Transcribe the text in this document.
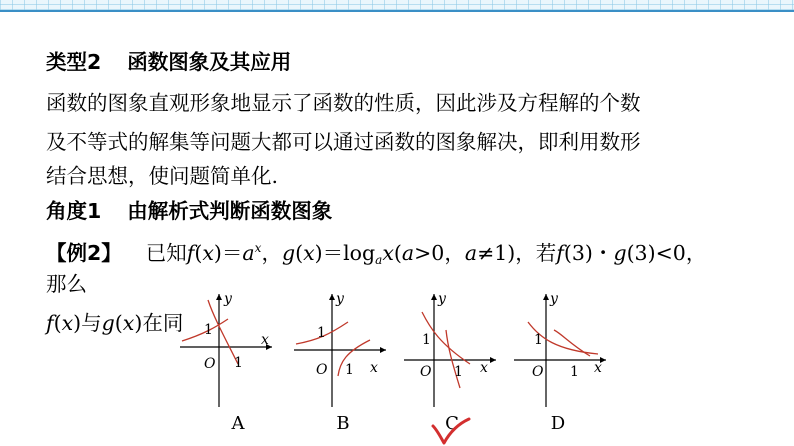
类型2 函数图象及其应用
函数的图象直观形象地显示了函数的性质，因此涉及方程解的个数
及不等式的解集等问题大都可以通过函数的图象解决，即利用数形
结合思想，使问题简单化.
角度1 由解析式判断函数图象
【例2】 已知$f(x)=a^x$，$g(x)=\log_ax(a>0$，a≠1)，若f(3)・g(3)<0，
那么
f(x)与g(x)在同
y
x
1
O 1
y
x
1
O 1
y
x
1
O 1
y
x
1
O 1
A	B	C	D
